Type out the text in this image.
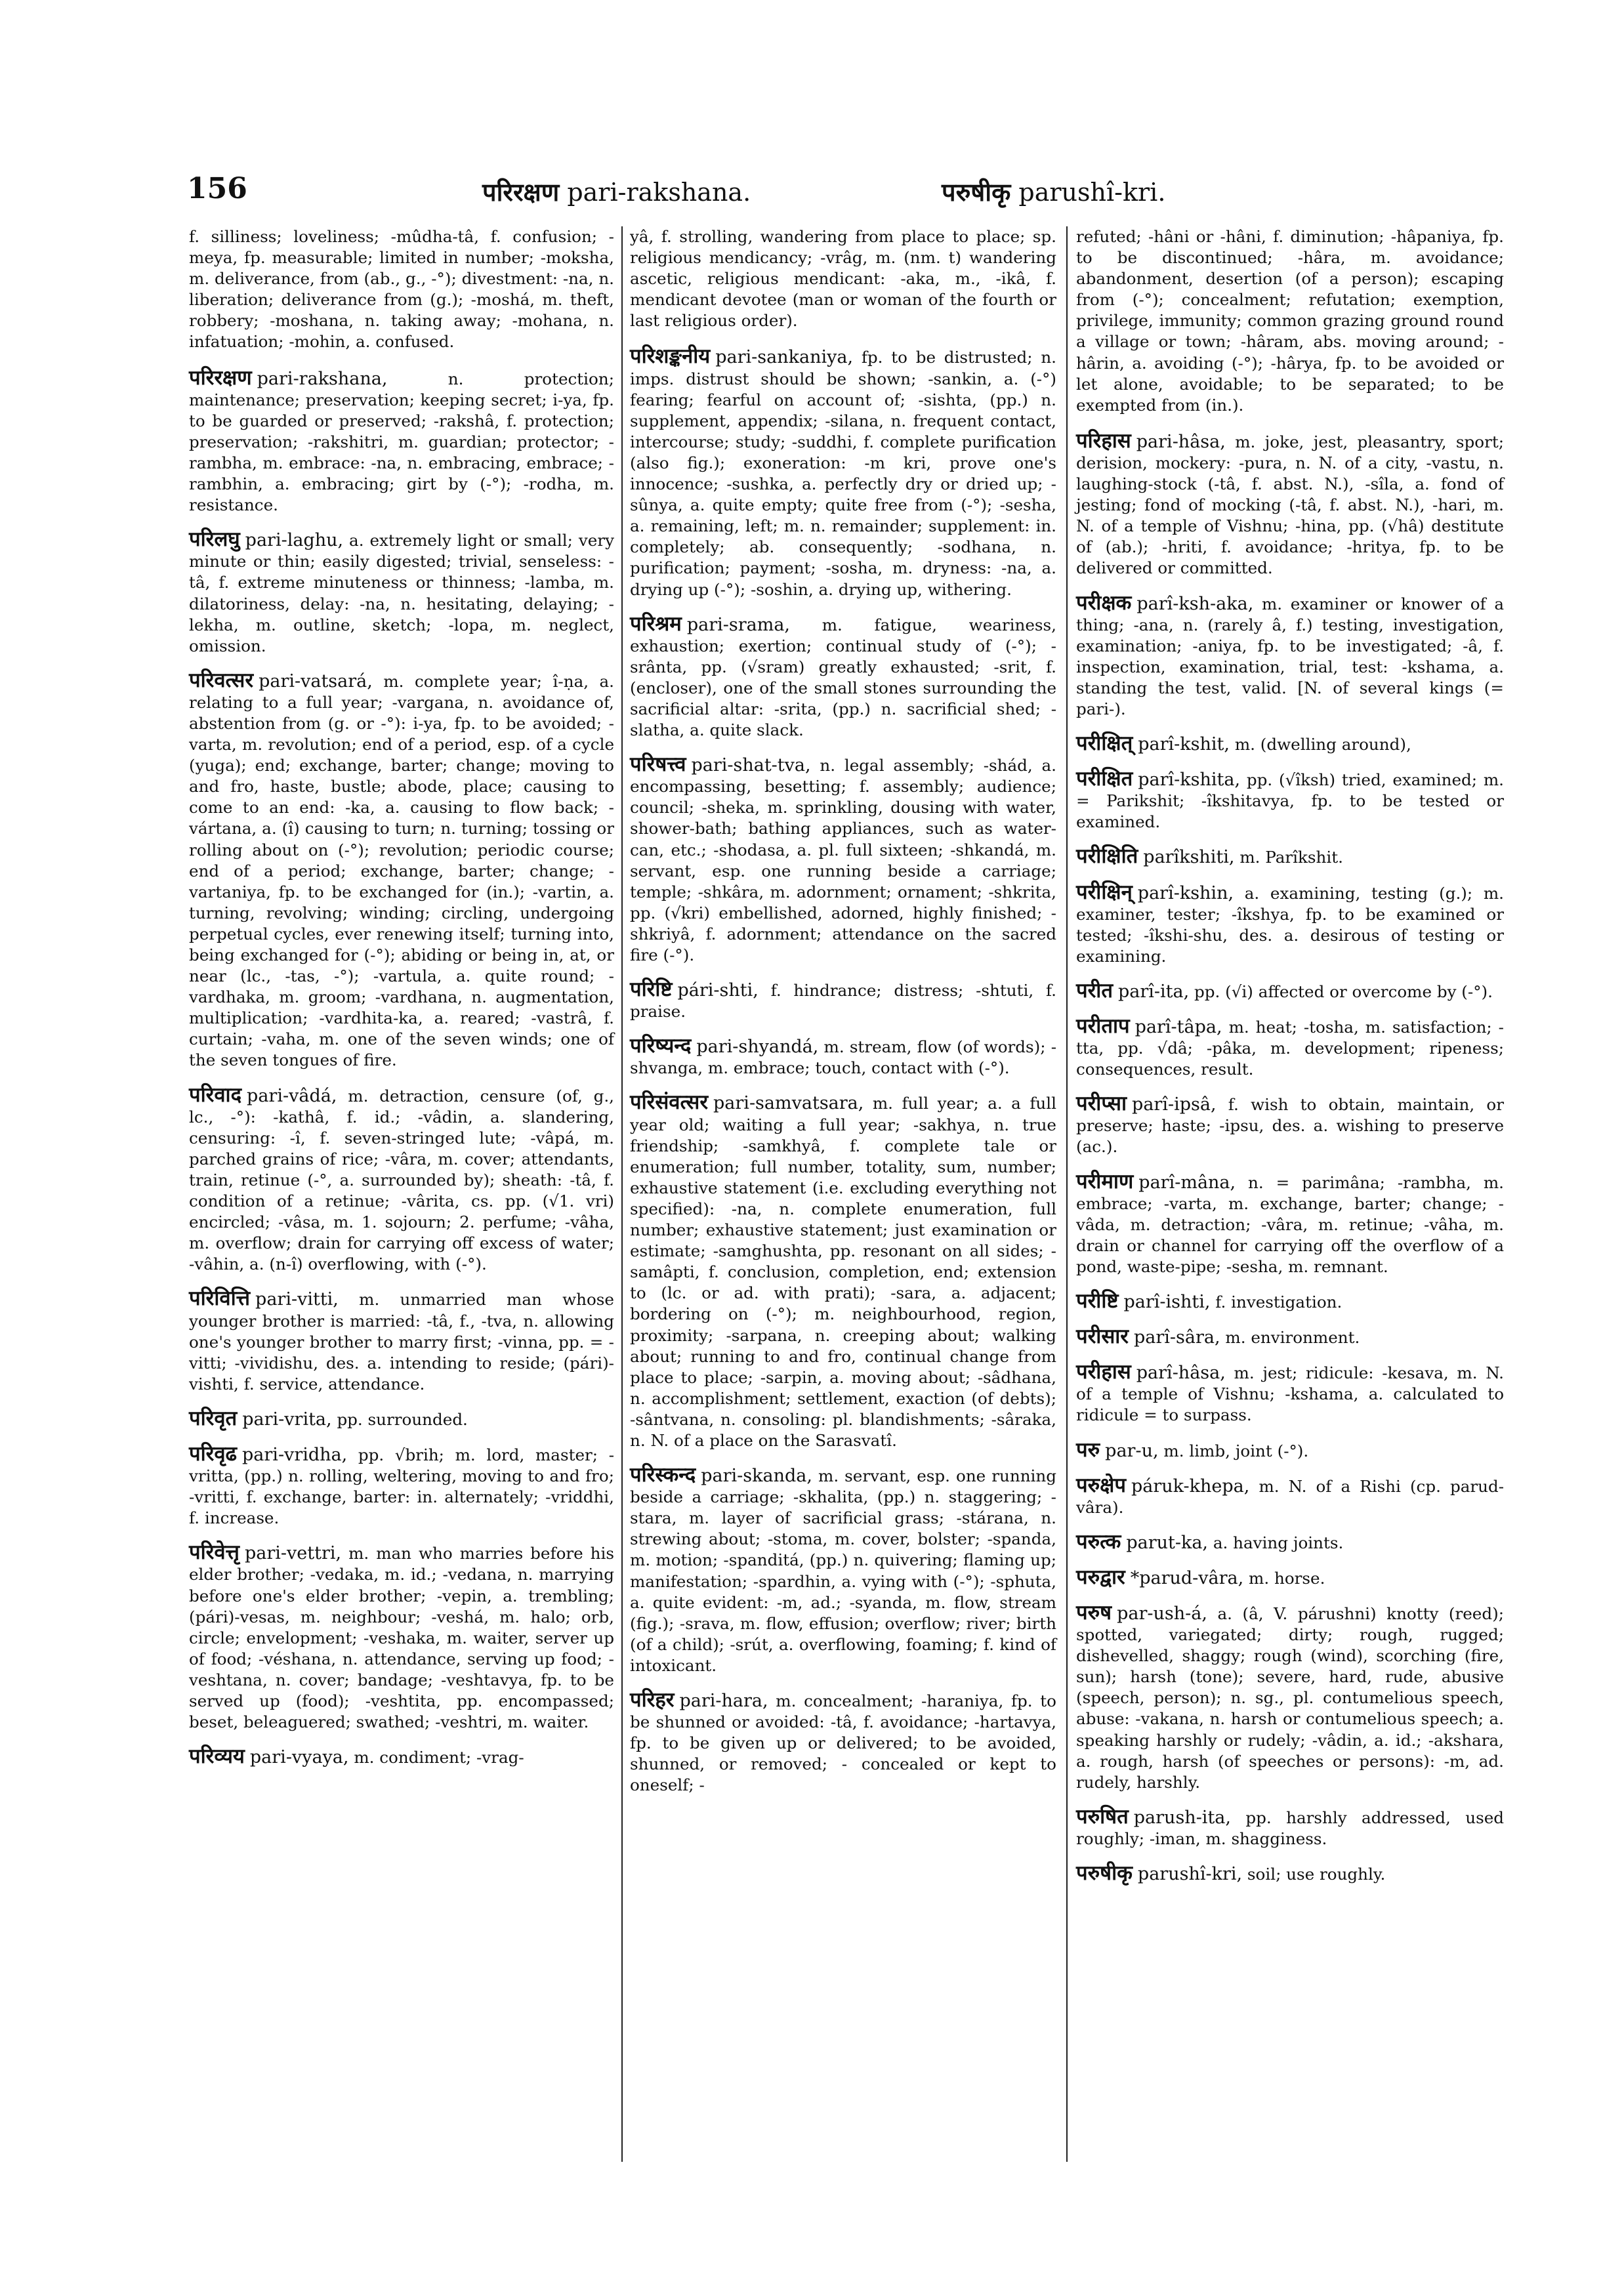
156	परिरक्षण pari-rakshana.	परुषीकृ parushî-kri.

f. silliness; loveliness; -mûdha-tâ, f. confusion; -meya, fp. measurable; limited in number; -moksha, m. deliverance, from (ab., g., -°); divestment: -na, n. liberation; deliverance from (g.); -moshá, m. theft, robbery; -moshana, n. taking away; -mohana, n. infatuation; -mohin, a. confused.

परिरक्षण pari-rakshana,	n. protection; maintenance; preservation; keeping secret; i-ya, fp. to be guarded or preserved; -rakshâ, f. protection; preservation; -rakshitri, m. guardian; protector; -rambha, m. embrace: -na, n. embracing, embrace; -rambhin, a. embracing; girt by (-°); -rodha, m. resistance.

परिलघु pari-laghu, a. extremely light or small; very minute or thin; easily digested; trivial, senseless: -tâ, f. extreme minuteness or thinness; -lamba, m. dilatoriness, delay: -na, n. hesitating, delaying; -lekha, m. outline, sketch; -lopa, m. neglect, omission.

परिवत्सर pari-vatsará, m. complete year; î-ṇa, a. relating to a full year; -vargana, n. avoidance of, abstention from (g. or -°): i-ya, fp. to be avoided; -varta, m. revolution; end of a period, esp. of a cycle (yuga); end; exchange, barter; change; moving to and fro, haste, bustle; abode, place; causing to come to an end: -ka, a. causing to flow back; -vártana, a. (î) causing to turn; n. turning; tossing or rolling about on (-°); revolution; periodic course; end of a period; exchange, barter; change; -vartaniya, fp. to be exchanged for (in.); -vartin, a. turning, revolving; winding; circling, undergoing perpetual cycles, ever renewing itself; turning into, being exchanged for (-°); abiding or being in, at, or near (lc., -tas, -°); -vartula, a. quite round; -vardhaka, m. groom; -vardhana, n. augmentation, multiplication; -vardhita-ka, a. reared; -vastrâ, f. curtain; -vaha, m. one of the seven winds; one of the seven tongues of fire.

परिवाद pari-vâdá, m. detraction, censure (of, g., lc., -°): -kathâ, f. id.; -vâdin, a. slandering, censuring: -î, f. seven-stringed lute; -vâpá, m. parched grains of rice; -vâra, m. cover; attendants, train, retinue (-°, a. surrounded by); sheath: -tâ, f. condition of a retinue; -vârita, cs. pp. (√1. vri) encircled; -vâsa, m. 1. sojourn; 2. perfume; -vâha, m. overflow; drain for carrying off excess of water; -vâhin, a. (n-î) overflowing, with (-°).

परिवित्ति pari-vitti, m. unmarried man whose younger brother is married: -tâ, f., -tva, n. allowing one's younger brother to marry first; -vinna, pp. = -vitti; -vividishu, des. a. intending to reside; (pári)-vishti, f. service, attendance.

परिवृत pari-vrita, pp. surrounded.

परिवृढ pari-vridha, pp. √brih; m. lord, master; -vritta, (pp.) n. rolling, weltering, moving to and fro; -vritti, f. exchange, barter: in. alternately; -vriddhi, f. increase.

परिवेत्तृ pari-vettri, m. man who marries before his elder brother; -vedaka, m. id.; -vedana, n. marrying before one's elder brother; -vepin, a. trembling; (pári)-vesas, m. neighbour; -veshá, m. halo; orb, circle; envelopment; -veshaka, m. waiter, server up of food; -véshana, n. attendance, serving up food; -veshtana, n. cover; bandage; -veshtavya, fp. to be served up (food); -veshtita, pp. encompassed; beset, beleaguered; swathed; -veshtri, m. waiter.

परिव्यय pari-vyaya, m. condiment; -vrag-

yâ, f. strolling, wandering from place to place; sp. religious mendicancy; -vrâg, m. (nm. t) wandering ascetic, religious mendicant: -aka, m., -ikâ, f. mendicant devotee (man or woman of the fourth or last religious order).

परिशङ्कनीय pari-sankaniya, fp. to be distrusted; n. imps. distrust should be shown; -sankin, a. (-°) fearing; fearful on account of; -sishta, (pp.) n. supplement, appendix; -silana, n. frequent contact, intercourse; study; -suddhi, f. complete purification (also fig.); exoneration: -m kri, prove one's innocence; -sushka, a. perfectly dry or dried up; -sûnya, a. quite empty; quite free from (-°); -sesha, a. remaining, left; m. n. remainder; supplement: in. completely; ab. consequently; -sodhana, n. purification; payment; -sosha, m. dryness: -na, a. drying up (-°); -soshin, a. drying up, withering.

परिश्रम pari-srama, m. fatigue, weariness, exhaustion; exertion; continual study of (-°); -srânta, pp. (√sram) greatly exhausted; -srit, f. (encloser), one of the small stones surrounding the sacrificial altar: -srita, (pp.) n. sacrificial shed; -slatha, a. quite slack.

परिषत्त्व pari-shat-tva, n. legal assembly; -shád, a. encompassing, besetting; f. assembly; audience; council; -sheka, m. sprinkling, dousing with water, shower-bath; bathing appliances, such as water-can, etc.; -shodasa, a. pl. full sixteen; -shkandá, m. servant, esp. one running beside a carriage; temple; -shkâra, m. adornment; ornament; -shkrita, pp. (√kri) embellished, adorned, highly finished; -shkriyâ, f. adornment; attendance on the sacred fire (-°).

परिष्टि pári-shti, f. hindrance; distress; -shtuti, f. praise.

परिष्यन्द pari-shyandá, m. stream, flow (of words); -shvanga, m. embrace; touch, contact with (-°).

परिसंवत्सर pari-samvatsara, m. full year; a. a full year old; waiting a full year; -sakhya, n. true friendship; -samkhyâ, f. complete tale or enumeration; full number, totality, sum, number; exhaustive statement (i.e. excluding everything not specified): -na, n. complete enumeration, full number; exhaustive statement; just examination or estimate; -samghushta, pp. resonant on all sides; -samâpti, f. conclusion, completion, end; extension to (lc. or ad. with prati); -sara, a. adjacent; bordering on (-°); m. neighbourhood, region, proximity; -sarpana, n. creeping about; walking about; running to and fro, continual change from place to place; -sarpin, a. moving about; -sâdhana, n. accomplishment; settlement, exaction (of debts); -sântvana, n. consoling: pl. blandishments; -sâraka, n. N. of a place on the Sarasvatî.

परिस्कन्द pari-skanda, m. servant, esp. one running beside a carriage; -skhalita, (pp.) n. staggering; -stara, m. layer of sacrificial grass; -stárana, n. strewing about; -stoma, m. cover, bolster; -spanda, m. motion; -spanditá, (pp.) n. quivering; flaming up; manifestation; -spardhin, a. vying with (-°); -sphuta, a. quite evident: -m, ad.; -syanda, m. flow, stream (fig.); -srava, m. flow, effusion; overflow; river; birth (of a child); -srút, a. overflowing, foaming; f. kind of intoxicant.

परिहर pari-hara, m. concealment; -haraniya, fp. to be shunned or avoided: -tâ, f. avoidance; -hartavya, fp. to be given up or delivered; to be avoided, shunned, or removed; - concealed or kept to oneself; -

refuted; -hâni or -hâni, f. diminution; -hâpaniya, fp. to be discontinued; -hâra, m. avoidance; abandonment, desertion (of a person); escaping from (-°); concealment; refutation; exemption, privilege, immunity; common grazing ground round a village or town; -hâram, abs. moving around; -hârin, a. avoiding (-°); -hârya, fp. to be avoided or let alone, avoidable; to be separated; to be exempted from (in.).

परिहास pari-hâsa, m. joke, jest, pleasantry, sport; derision, mockery: -pura, n. N. of a city, -vastu, n. laughing-stock (-tâ, f. abst. N.), -sîla, a. fond of jesting; fond of mocking (-tâ, f. abst. N.), -hari, m. N. of a temple of Vishnu; -hina, pp. (√hâ) destitute of (ab.); -hriti, f. avoidance; -hritya, fp. to be delivered or committed.

परीक्षक parî-ksh-aka, m. examiner or knower of a thing; -ana, n. (rarely â, f.) testing, investigation, examination; -aniya, fp. to be investigated; -â, f. inspection, examination, trial, test: -kshama, a. standing the test, valid. [N. of several kings (= pari-).

परीक्षित् parî-kshit, m. (dwelling around),

परीक्षित parî-kshita, pp. (√îksh) tried, examined; m. = Parikshit; -îkshitavya, fp. to be tested or examined.

परीक्षिति parîkshiti, m. Parîkshit.

परीक्षिन् parî-kshin, a. examining, testing (g.); m. examiner, tester; -îkshya, fp. to be examined or tested; -îkshi-shu, des. a. desirous of testing or examining.

परीत parî-ita, pp. (√i) affected or overcome by (-°).

परीताप parî-tâpa, m. heat; -tosha, m. satisfaction; -tta, pp. √dâ; -pâka, m. development; ripeness; consequences, result.

परीप्सा parî-ipsâ, f. wish to obtain, maintain, or preserve; haste; -ipsu, des. a. wishing to preserve (ac.).

परीमाण parî-mâna, n. = parimâna; -rambha, m. embrace; -varta, m. exchange, barter; change; -vâda, m. detraction; -vâra, m. retinue; -vâha, m. drain or channel for carrying off the overflow of a pond, waste-pipe; -sesha, m. remnant.

परीष्टि parî-ishti, f. investigation.

परीसार parî-sâra, m. environment.

परीहास parî-hâsa, m. jest; ridicule: -kesava, m. N. of a temple of Vishnu; -kshama, a. calculated to ridicule = to surpass.

परु par-u, m. limb, joint (-°).

परुक्षेप páruk-khepa, m. N. of a Rishi (cp. parud-vâra).

परुत्क parut-ka, a. having joints.

परुद्वार *parud-vâra, m. horse.

परुष par-ush-á, a. (â, V. párushni) knotty (reed); spotted, variegated; dirty; rough, rugged; dishevelled, shaggy; rough (wind), scorching (fire, sun); harsh (tone); severe, hard, rude, abusive (speech, person); n. sg., pl. contumelious speech, abuse: -vakana, n. harsh or contumelious speech; a. speaking harshly or rudely; -vâdin, a. id.; -akshara, a. rough, harsh (of speeches or persons): -m, ad. rudely, harshly.

परुषित parush-ita, pp. harshly addressed, used roughly; -iman, m. shagginess.

परुषीकृ parushî-kri, soil; use roughly.
